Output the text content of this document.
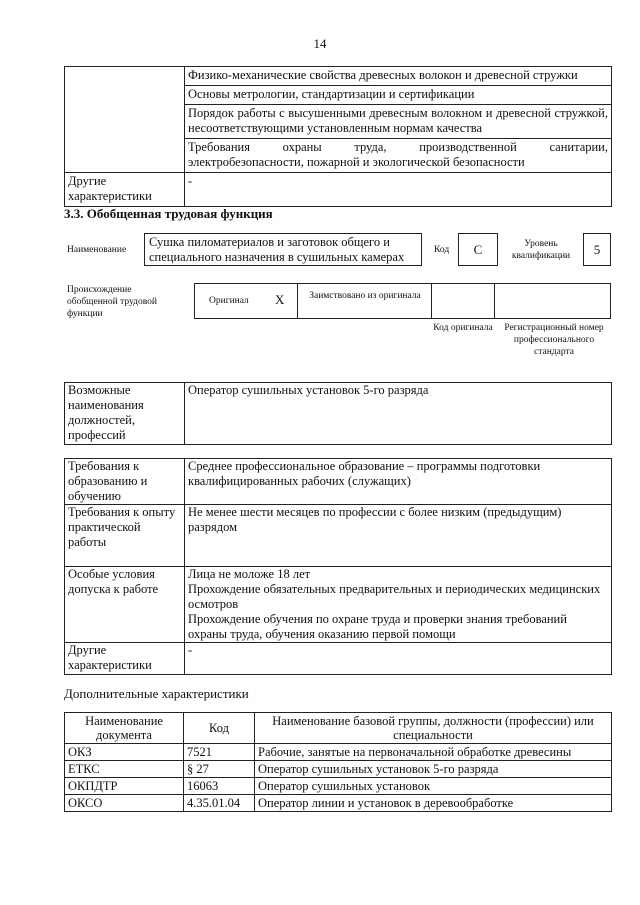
14
	Физико-механические свойства древесных волокон и древесной стружки
	Основы метрологии, стандартизации и сертификации
	Порядок работы с высушенными древесным волокном и древесной стружкой, несоответствующими установленным нормам качества
	Требования охраны труда, производственной санитарии, электробезопасности, пожарной и экологической безопасности
Другие характеристики	-
3.3. Обобщенная трудовая функция
Наименование
Сушка пиломатериалов и заготовок общего и специального назначения в сушильных камерах	Код	С	Уровень квалификации	5
Происхождение обобщенной трудовой функции
Оригинал Х	Заимствовано из оригинала
Код оригинала	Регистрационный номер профессионального стандарта
Возможные наименования должностей, профессий	Оператор сушильных установок 5-го разряда
Требования к образованию и обучению	Среднее профессиональное образование – программы подготовки квалифицированных рабочих (служащих)
Требования к опыту практической работы	Не менее шести месяцев по профессии с более низким (предыдущим) разрядом
Особые условия допуска к работе	Лица не моложе 18 лет
Прохождение обязательных предварительных и периодических медицинских осмотров
Прохождение обучения по охране труда и проверки знания требований охраны труда, обучения оказанию первой помощи

Другие характеристики	-
Дополнительные характеристики
Наименование документа	Код	Наименование базовой группы, должности (профессии) или специальности
ОКЗ	7521	Рабочие, занятые на первоначальной обработке древесины
ЕТКС	§ 27	Оператор сушильных установок 5-го разряда
ОКПДТР	16063	Оператор сушильных установок
ОКСО	4.35.01.04	Оператор линии и установок в деревообработке
